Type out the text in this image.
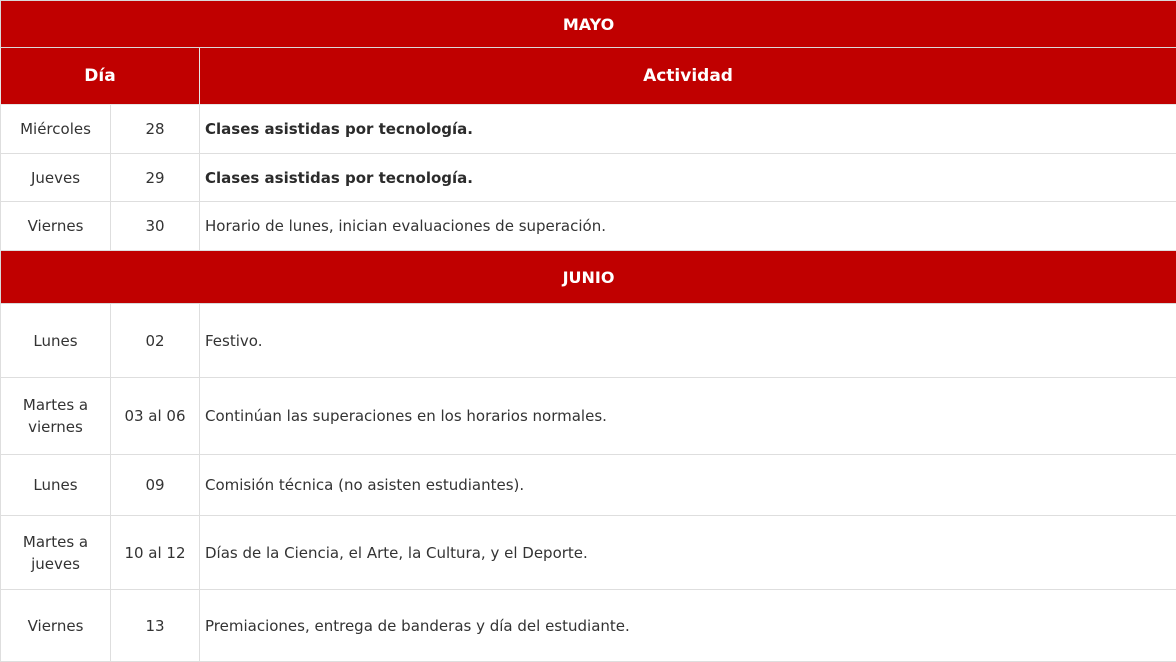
MAYO		
Día		Actividad
Miércoles	28	Clases asistidas por tecnología.
Jueves	29	Clases asistidas por tecnología.
Viernes	30	Horario de lunes, inician evaluaciones de superación.
JUNIO		
Lunes	02	Festivo.
Martes a viernes	03 al 06	Continúan las superaciones en los horarios normales.
Lunes	09	Comisión técnica (no asisten estudiantes).
Martes a jueves	10 al 12	Días de la Ciencia, el Arte, la Cultura, y el Deporte.
Viernes	13	Premiaciones, entrega de banderas y día del estudiante.
